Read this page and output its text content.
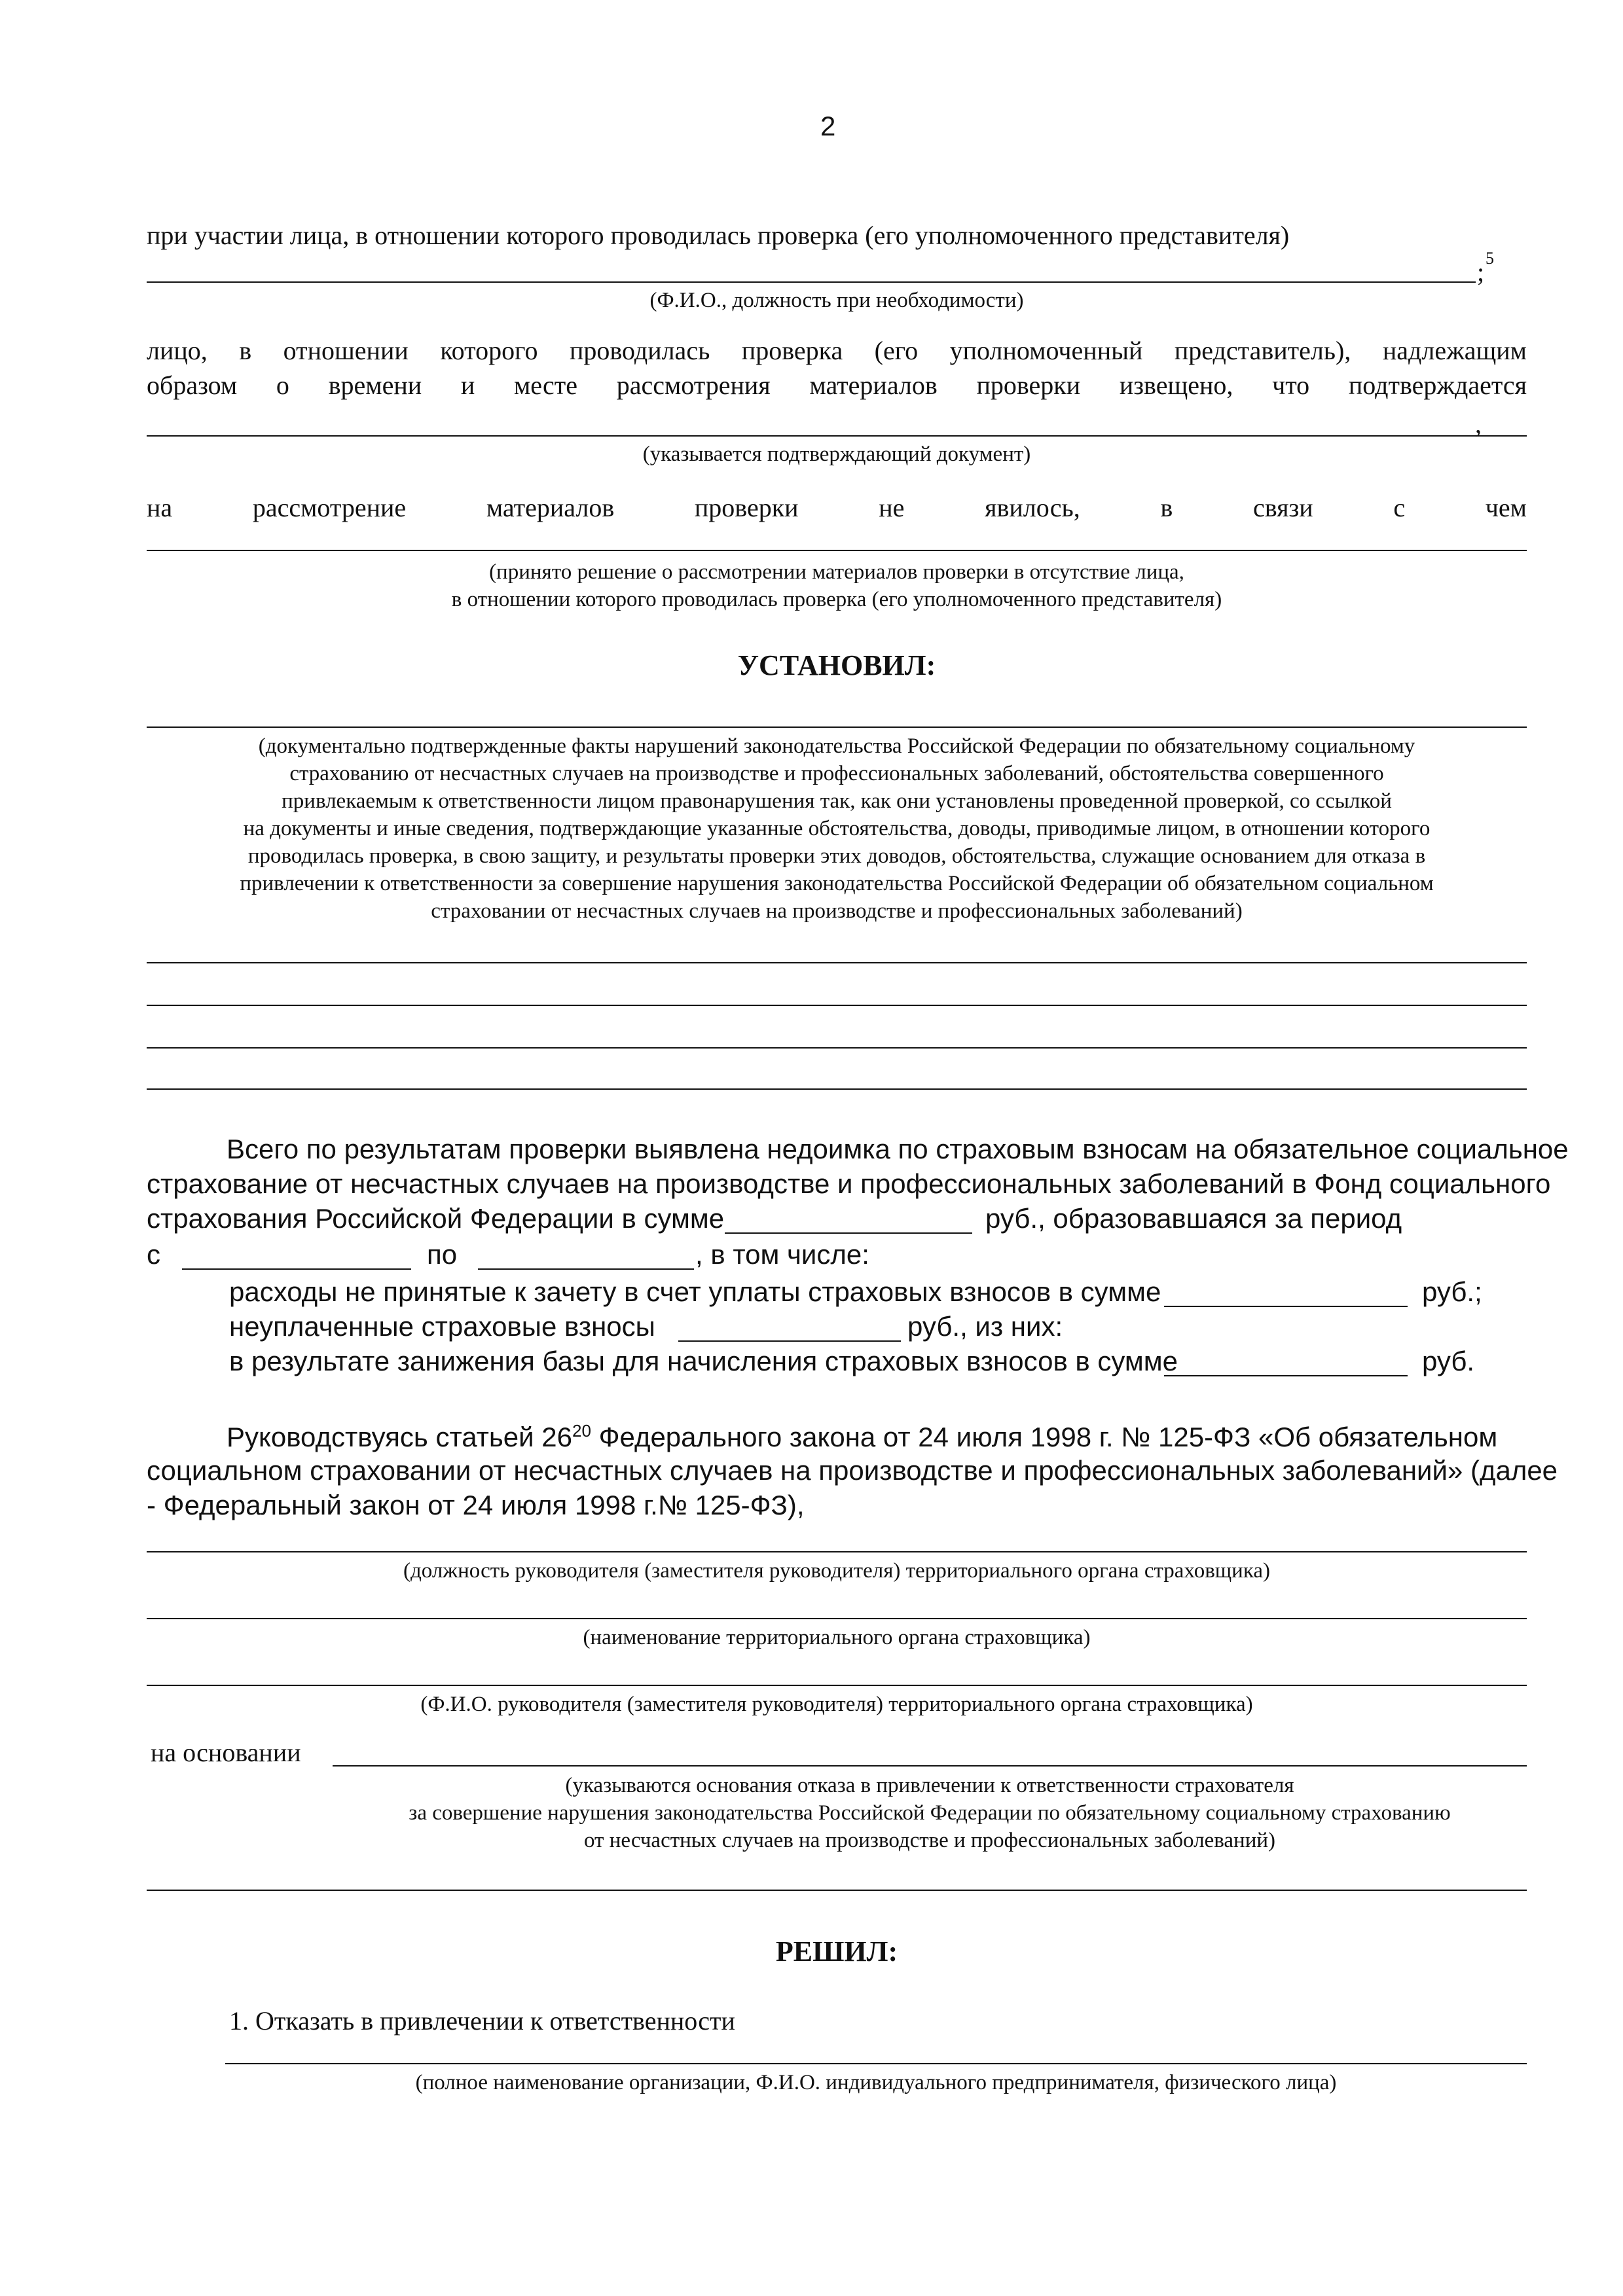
2
при участии лица, в отношении которого проводилась проверка (его уполномоченного представителя)
; 5
(Ф.И.О., должность при необходимости)
лицо, в отношении которого проводилась проверка (его уполномоченный представитель), надлежащим
образом о времени и месте рассмотрения материалов проверки извещено, что подтверждается
,
(указывается подтверждающий документ)
на	рассмотрение	материалов	проверки	не	явилось,	в	связи	с	чем
(принято решение о рассмотрении материалов проверки в отсутствие лица,
в отношении которого проводилась проверка (его уполномоченного представителя)
УСТАНОВИЛ:
(документально подтвержденные факты нарушений законодательства Российской Федерации по обязательному социальному
страхованию от несчастных случаев на производстве и профессиональных заболеваний, обстоятельства совершенного
привлекаемым к ответственности лицом правонарушения так, как они установлены проведенной проверкой, со ссылкой
на документы и иные сведения, подтверждающие указанные обстоятельства, доводы, приводимые лицом, в отношении которого
проводилась проверка, в свою защиту, и результаты проверки этих доводов, обстоятельства, служащие основанием для отказа в
привлечении к ответственности за совершение нарушения законодательства Российской Федерации об обязательном социальном
страховании от несчастных случаев на производстве и профессиональных заболеваний)
Всего по результатам проверки выявлена недоимка по страховым взносам на обязательное социальное
страхование от несчастных случаев на производстве и профессиональных заболеваний в Фонд социального
страхования Российской Федерации в сумме	руб., образовавшаяся за период
с	по	, в том числе:
расходы не принятые к зачету в счет уплаты страховых взносов в сумме	руб.;
неуплаченные страховые взносы	руб., из них:
в результате занижения базы для начисления страховых взносов в сумме	руб.
Руководствуясь статьей $26^{20}$ Федерального закона от 24 июля 1998 г. № 125-ФЗ «Об обязательном
социальном страховании от несчастных случаев на производстве и профессиональных заболеваний» (далее
- Федеральный закон от 24 июля 1998 г.№ 125-ФЗ),
(должность руководителя (заместителя руководителя) территориального органа страховщика)
(наименование территориального органа страховщика)
(Ф.И.О. руководителя (заместителя руководителя) территориального органа страховщика)
на основании
(указываются основания отказа в привлечении к ответственности страхователя
за совершение нарушения законодательства Российской Федерации по обязательному социальному страхованию
от несчастных случаев на производстве и профессиональных заболеваний)
РЕШИЛ:
1. Отказать в привлечении к ответственности
(полное наименование организации, Ф.И.О. индивидуального предпринимателя, физического лица)
